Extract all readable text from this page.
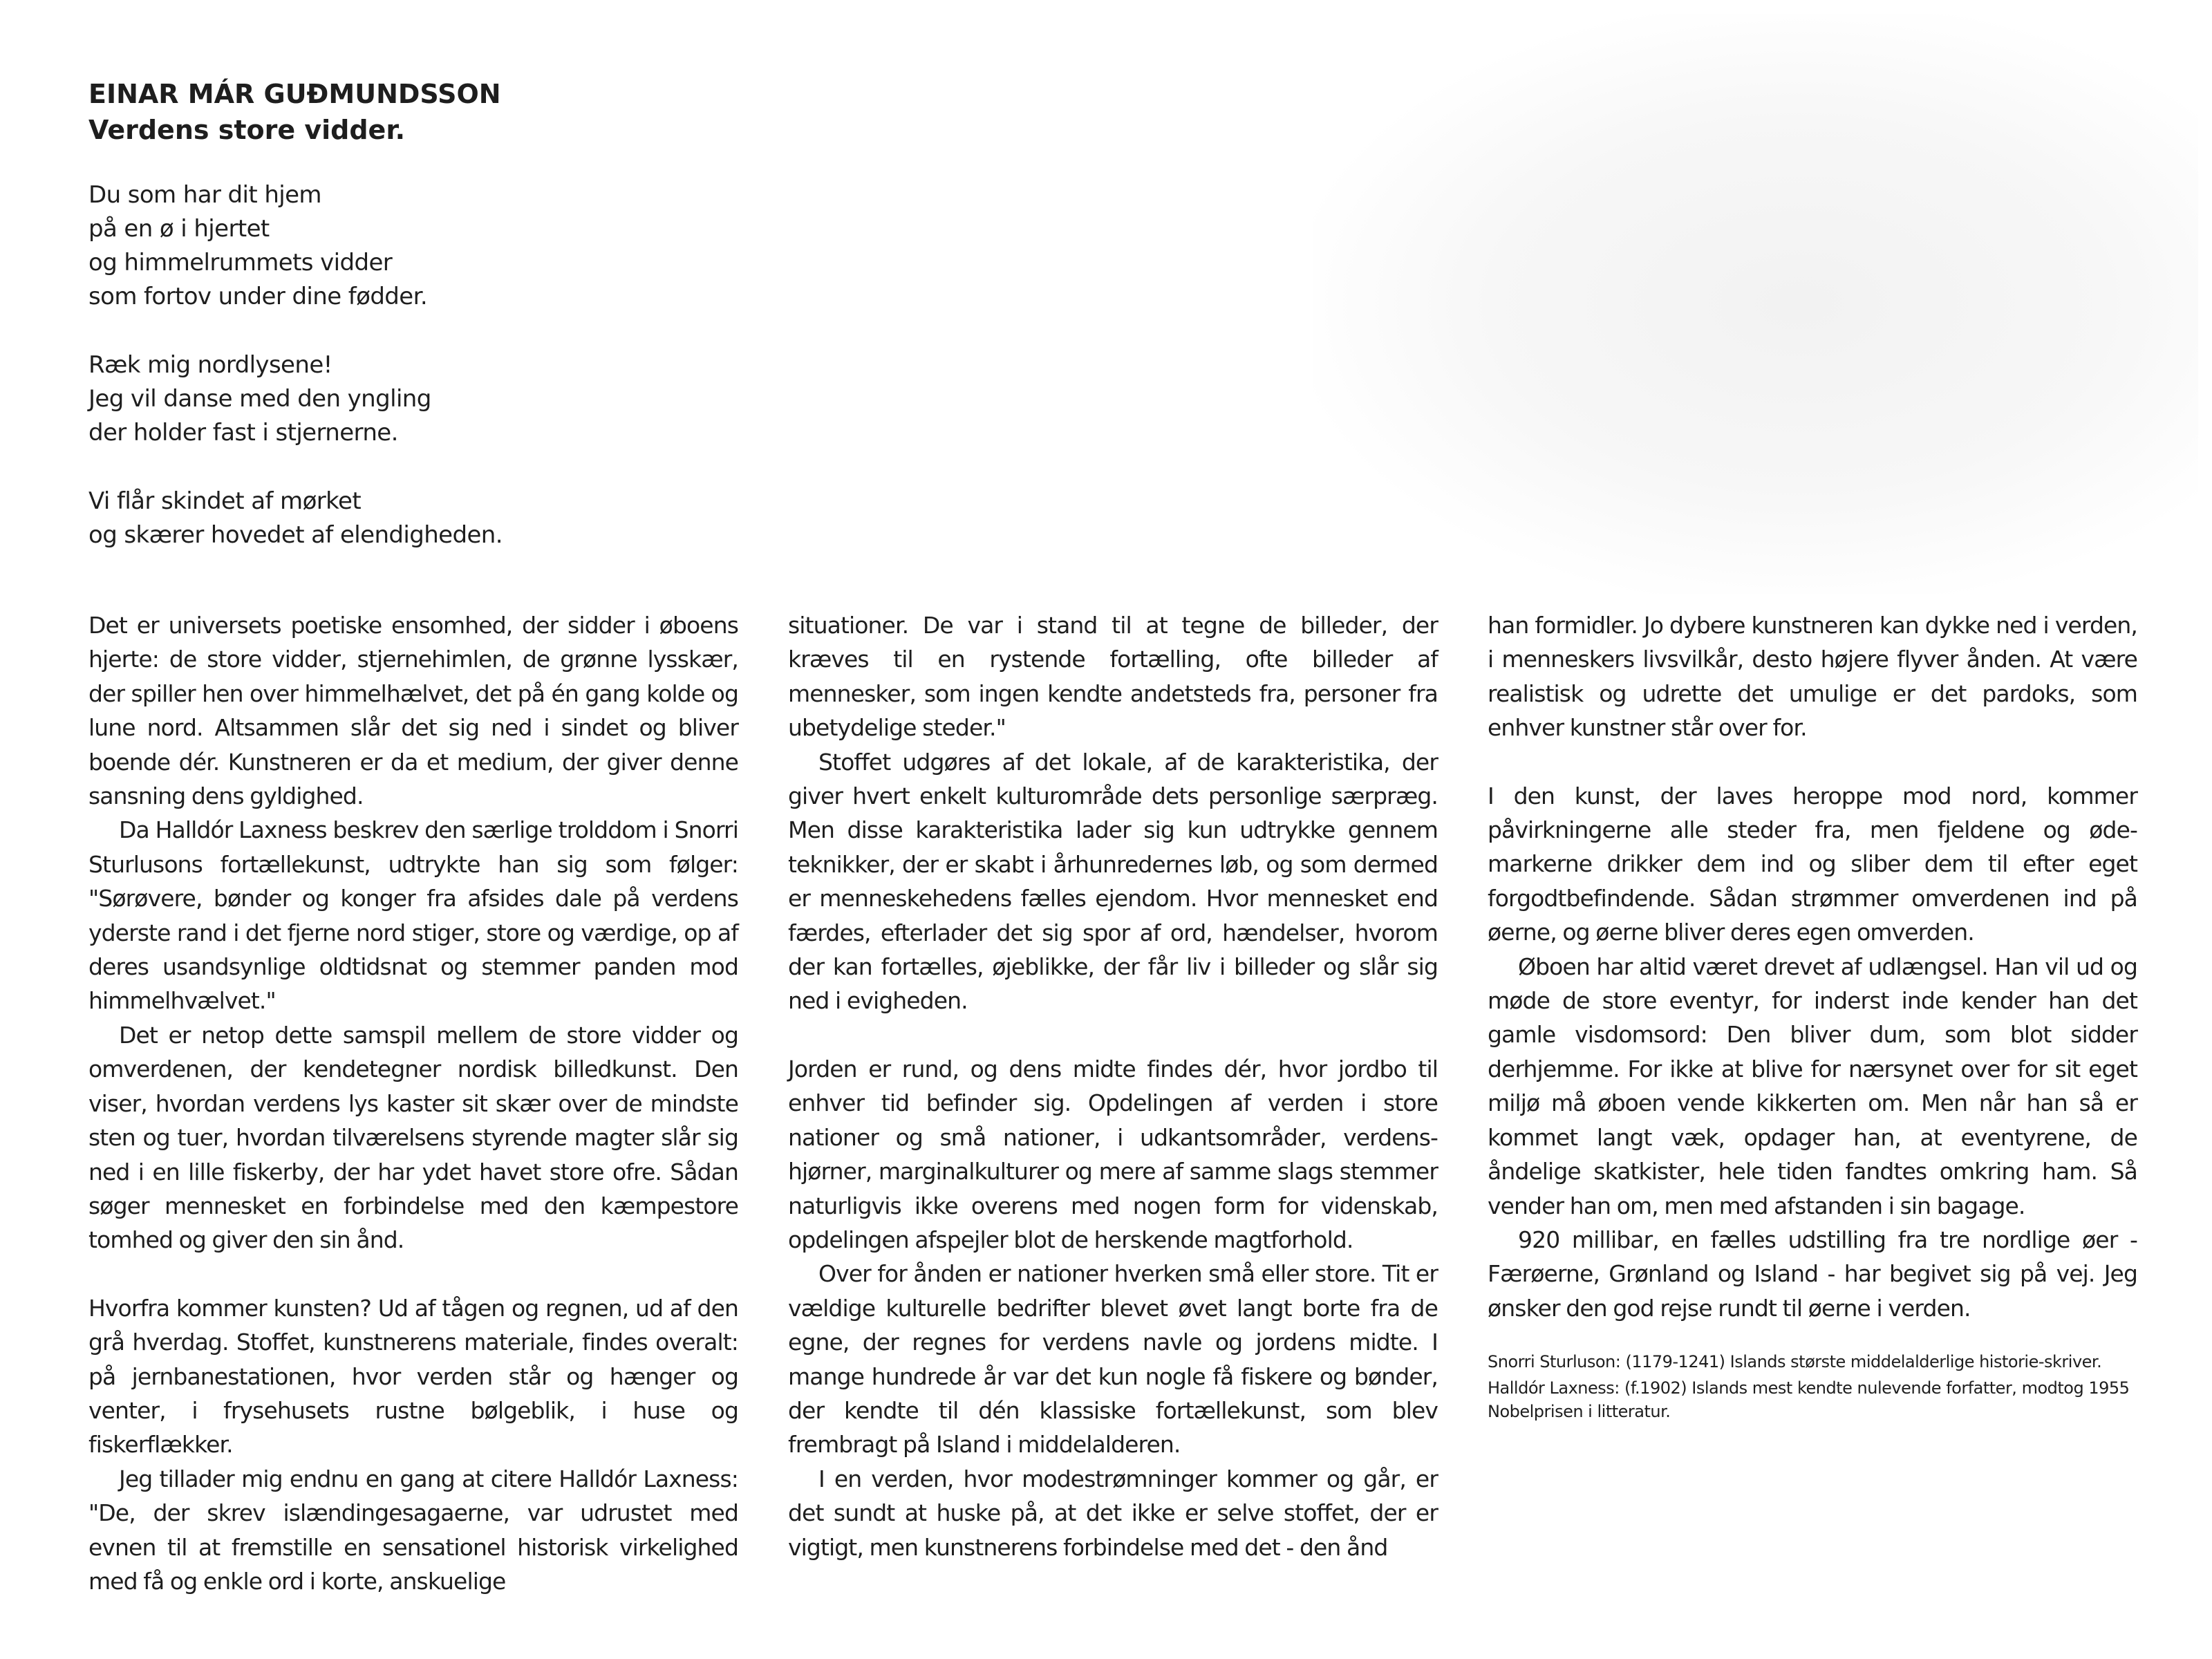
EINAR MÁR GUÐMUNDSSON

Verdens store vidder.

Du som har dit hjem
på en ø i hjertet
og himmelrummets vidder
som fortov under dine fødder.
Ræk mig nordlysene!
Jeg vil danse med den yngling
der holder fast i stjernerne.
Vi flår skindet af mørket
og skærer hovedet af elendigheden.

Det er universets poetiske ensomhed, der sidder i øboens hjerte: de store vidder, stjernehimlen, de grønne lysskær, der spiller hen over himmelhælvet, det på én gang kolde og lune nord. Altsammen slår det sig ned i sindet og bliver boende dér. Kunstneren er da et medium, der giver denne sansning dens gyldighed.

Da Halldór Laxness beskrev den særlige trolddom i Snorri Sturlusons fortællekunst, udtrykte han sig som følger: "Sørøvere, bønder og konger fra afsides dale på verdens yderste rand i det fjerne nord stiger, store og værdige, op af deres usandsynlige oldtidsnat og stemmer panden mod himmelhvælvet."

Det er netop dette samspil mellem de store vidder og omverdenen, der kendetegner nordisk billedkunst. Den viser, hvordan verdens lys kaster sit skær over de mindste sten og tuer, hvordan tilværelsens styrende magter slår sig ned i en lille fiskerby, der har ydet havet store ofre. Sådan søger mennesket en forbindelse med den kæmpestore tomhed og giver den sin ånd.

Hvorfra kommer kunsten? Ud af tågen og regnen, ud af den grå hverdag. Stoffet, kunstnerens materiale, findes overalt: på jernbanestationen, hvor verden står og hænger og venter, i frysehusets rustne bølgeblik, i huse og fiskerflækker.

Jeg tillader mig endnu en gang at citere Halldór Laxness: "De, der skrev islændingesagaerne, var udrustet med evnen til at fremstille en sensationel historisk virkelighed med få og enkle ord i korte, anskuelige

situationer. De var i stand til at tegne de billeder, der kræves til en rystende fortælling, ofte billeder af mennesker, som ingen kendte andetsteds fra, personer fra ubetydelige steder."

Stoffet udgøres af det lokale, af de karakteristika, der giver hvert enkelt kulturområde dets personlige særpræg. Men disse karakteristika lader sig kun udtrykke gennem teknikker, der er skabt i århunredernes løb, og som dermed er menneskehedens fælles ejendom. Hvor mennesket end færdes, efterlader det sig spor af ord, hændelser, hvorom der kan fortælles, øjeblikke, der får liv i billeder og slår sig ned i evigheden.

Jorden er rund, og dens midte findes dér, hvor jordbo til enhver tid befinder sig. Opdelingen af verden i store nationer og små nationer, i udkantsområder, verdens-hjørner, marginalkulturer og mere af samme slags stemmer naturligvis ikke overens med nogen form for videnskab, opdelingen afspejler blot de herskende magtforhold.

Over for ånden er nationer hverken små eller store. Tit er vældige kulturelle bedrifter blevet øvet langt borte fra de egne, der regnes for verdens navle og jordens midte. I mange hundrede år var det kun nogle få fiskere og bønder, der kendte til dén klassiske fortællekunst, som blev frembragt på Island i middelalderen.

I en verden, hvor modestrømninger kommer og går, er det sundt at huske på, at det ikke er selve stoffet, der er vigtigt, men kunstnerens forbindelse med det - den ånd

han formidler. Jo dybere kunstneren kan dykke ned i verden, i menneskers livsvilkår, desto højere flyver ånden. At være realistisk og udrette det umulige er det pardoks, som enhver kunstner står over for.

I den kunst, der laves heroppe mod nord, kommer påvirkningerne alle steder fra, men fjeldene og øde-markerne drikker dem ind og sliber dem til efter eget forgodtbefindende. Sådan strømmer omverdenen ind på øerne, og øerne bliver deres egen omverden.

Øboen har altid været drevet af udlængsel. Han vil ud og møde de store eventyr, for inderst inde kender han det gamle visdomsord: Den bliver dum, som blot sidder derhjemme. For ikke at blive for nærsynet over for sit eget miljø må øboen vende kikkerten om. Men når han så er kommet langt væk, opdager han, at eventyrene, de åndelige skatkister, hele tiden fandtes omkring ham. Så vender han om, men med afstanden i sin bagage.

920 millibar, en fælles udstilling fra tre nordlige øer - Færøerne, Grønland og Island - har begivet sig på vej. Jeg ønsker den god rejse rundt til øerne i verden.

Snorri Sturluson: (1179-1241) Islands største middelalderlige historie-skriver.

Halldór Laxness: (f.1902) Islands mest kendte nulevende forfatter, modtog 1955 Nobelprisen i litteratur.
